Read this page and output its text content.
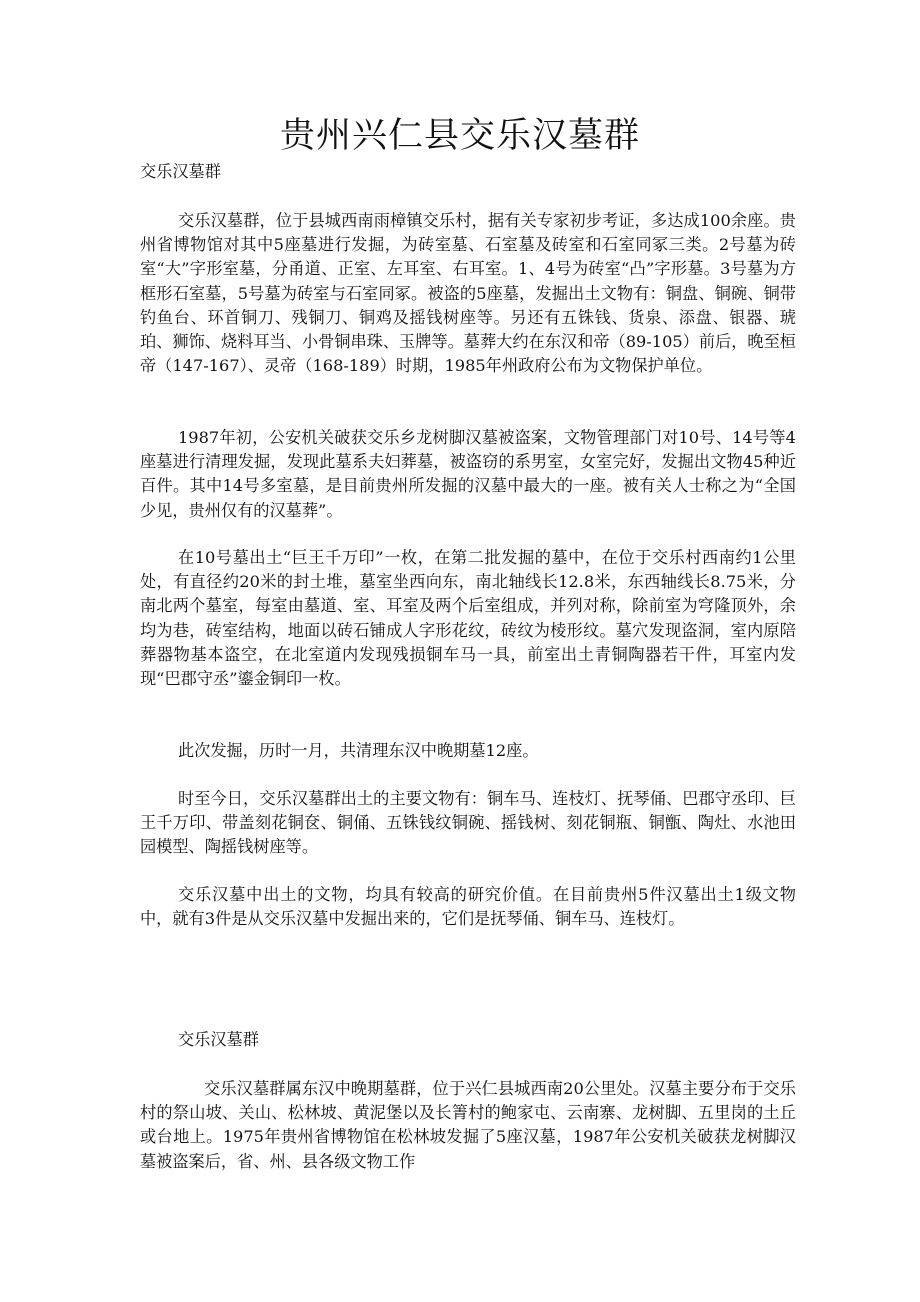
贵州兴仁县交乐汉墓群
交乐汉墓群

交乐汉墓群，位于县城西南雨樟镇交乐村，据有关专家初步考证，多达成100余座。贵州省博物馆对其中5座墓进行发掘，为砖室墓、石室墓及砖室和石室同冢三类。2号墓为砖室“大”字形室墓，分甬道、正室、左耳室、右耳室。1、4号为砖室“凸”字形墓。3号墓为方框形石室墓，5号墓为砖室与石室同冢。被盗的5座墓，发掘出土文物有：铜盘、铜碗、铜带钓鱼台、环首铜刀、残铜刀、铜鸡及摇钱树座等。另还有五铢钱、货泉、添盘、银器、琥珀、狮饰、烧料耳当、小骨铜串珠、玉牌等。墓葬大约在东汉和帝（89-105）前后，晚至桓帝（147-167）、灵帝（168-189）时期，1985年州政府公布为文物保护单位。

1987年初，公安机关破获交乐乡龙树脚汉墓被盗案，文物管理部门对10号、14号等4座墓进行清理发掘，发现此墓系夫妇葬墓，被盗窃的系男室，女室完好，发掘出文物45种近百件。其中14号多室墓，是目前贵州所发掘的汉墓中最大的一座。被有关人士称之为“全国少见，贵州仅有的汉墓葬”。

在10号墓出土“巨王千万印”一枚，在第二批发掘的墓中，在位于交乐村西南约1公里处，有直径约20米的封土堆，墓室坐西向东，南北轴线长12.8米，东西轴线长8.75米，分南北两个墓室，每室由墓道、室、耳室及两个后室组成，并列对称，除前室为穹隆顶外，余均为巷，砖室结构，地面以砖石铺成人字形花纹，砖纹为棱形纹。墓穴发现盗洞，室内原陪葬器物基本盗空，在北室道内发现残损铜车马一具，前室出土青铜陶器若干件，耳室内发现“巴郡守丞”鎏金铜印一枚。

此次发掘，历时一月，共清理东汉中晚期墓12座。

时至今日，交乐汉墓群出土的主要文物有：铜车马、连枝灯、抚琴俑、巴郡守丞印、巨王千万印、带盖刻花铜奁、铜俑、五铢钱纹铜碗、摇钱树、刻花铜瓶、铜甑、陶灶、水池田园模型、陶摇钱树座等。

交乐汉墓中出土的文物，均具有较高的研究价值。在目前贵州5件汉墓出土1级文物中，就有3件是从交乐汉墓中发掘出来的，它们是抚琴俑、铜车马、连枝灯。

交乐汉墓群

交乐汉墓群属东汉中晚期墓群，位于兴仁县城西南20公里处。汉墓主要分布于交乐村的祭山坡、关山、松林坡、黄泥堡以及长箐村的鲍家屯、云南寨、龙树脚、五里岗的土丘或台地上。1975年贵州省博物馆在松林坡发掘了5座汉墓，1987年公安机关破获龙树脚汉墓被盗案后，省、州、县各级文物工作
